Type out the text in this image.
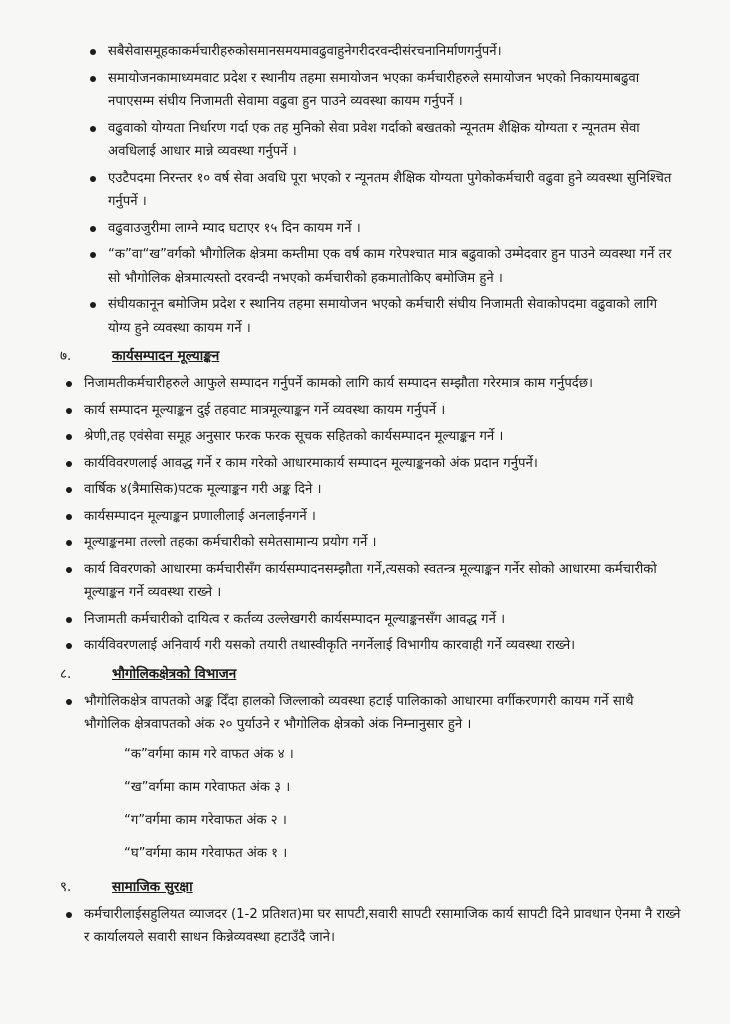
सबैसेवासमूहकाकर्मचारीहरुकोसमानसमयमावढुवाहुनेगरीदरवन्दीसंरचनानिर्माणगर्नुपर्ने।
समायोजनकामाध्यमवाट प्रदेश र स्थानीय तहमा समायोजन भएका कर्मचारीहरुले समायोजन भएको निकायमाबढुवा नपाएसम्म संघीय निजामती सेवामा वढुवा हुन पाउने व्यवस्था कायम गर्नुपर्ने ।
वढुवाको योग्यता निर्धारण गर्दा एक तह मुनिको सेवा प्रवेश गर्दाको बखतको न्यूनतम शैक्षिक योग्यता र न्यूनतम सेवा अवधिलाई आधार मान्ने व्यवस्था गर्नुपर्ने ।
एउटैपदमा निरन्तर १० वर्ष सेवा अवधि पूरा भएको र न्यूनतम शैक्षिक योग्यता पुगेकोकर्मचारी वढुवा हुने व्यवस्था सुनिश्चित गर्नुपर्ने ।
वढुवाउजुरीमा लाग्ने म्याद घटाएर १५ दिन कायम गर्ने ।
“क”वा“ख”वर्गको भौगोलिक क्षेत्रमा कम्तीमा एक वर्ष काम गरेपश्चात मात्र बढुवाको उम्मेदवार हुन पाउने व्यवस्था गर्ने तर सो भौगोलिक क्षेत्रमात्यस्तो दरवन्दी नभएको कर्मचारीको हकमातोकिए बमोजिम हुने ।
संघीयकानून बमोजिम प्रदेश र स्थानिय तहमा समायोजन भएको कर्मचारी संघीय निजामती सेवाकोपदमा वढुवाको लागि योग्य हुने व्यवस्था कायम गर्ने ।
७.	कार्यसम्पादन मूल्याङ्कन
निजामतीकर्मचारीहरुले आफुले सम्पादन गर्नुपर्ने कामको लागि कार्य सम्पादन सम्झौता गरेरमात्र काम गर्नुपर्दछ।
कार्य सम्पादन मूल्याङ्कन दुई तहवाट मात्रमूल्याङ्कन गर्ने व्यवस्था कायम गर्नुपर्ने ।
श्रेणी,तह एवंसेवा समूह अनुसार फरक फरक सूचक सहितको कार्यसम्पादन मूल्याङ्कन गर्ने ।
कार्यविवरणलाई आवद्ध गर्ने र काम गरेको आधारमाकार्य सम्पादन मूल्याङ्कनको अंक प्रदान गर्नुपर्ने।
वार्षिक ४(त्रैमासिक)पटक मूल्याङ्कन गरी अङ्क दिने ।
कार्यसम्पादन मूल्याङ्कन प्रणालीलाई अनलाईनगर्ने ।
मूल्याङ्कनमा तल्लो तहका कर्मचारीको समेतसामान्य प्रयोग गर्ने ।
कार्य विवरणको आधारमा कर्मचारीसँग कार्यसम्पादनसम्झौता गर्ने,त्यसको स्वतन्त्र मूल्याङ्कन गर्नेर सोको आधारमा कर्मचारीको मूल्याङ्कन गर्ने व्यवस्था राख्ने ।
निजामती कर्मचारीको दायित्व र कर्तव्य उल्लेखगरी कार्यसम्पादन मूल्याङ्कनसँग आवद्ध गर्ने ।
कार्यविवरणलाई अनिवार्य गरी यसको तयारी तथास्वीकृति नगर्नेलाई विभागीय कारवाही गर्ने व्यवस्था राख्ने।
८.	भौगोलिकक्षेत्रको विभाजन
भौगोलिकक्षेत्र वापतको अङ्क दिँदा हालको जिल्लाको व्यवस्था हटाई पालिकाको आधारमा वर्गीकरणगरी कायम गर्ने साथै भौगोलिक क्षेत्रवापतको अंक २० पुर्याउने र भौगोलिक क्षेत्रको अंक निम्नानुसार हुने ।
“क”वर्गमा काम गरे वाफत अंक ४ ।
“ख”वर्गमा काम गरेवाफत अंक ३ ।
“ग”वर्गमा काम गरेवाफत अंक २ ।
“घ”वर्गमा काम गरेवाफत अंक १ ।
९.	सामाजिक सुरक्षा
कर्मचारीलाईसहुलियत व्याजदर (1-2 प्रतिशत)मा घर सापटी,सवारी सापटी रसामाजिक कार्य सापटी दिने प्रावधान ऐनमा नै राख्ने र कार्यालयले सवारी साधन किन्नेव्यवस्था हटाउँदै जाने।
